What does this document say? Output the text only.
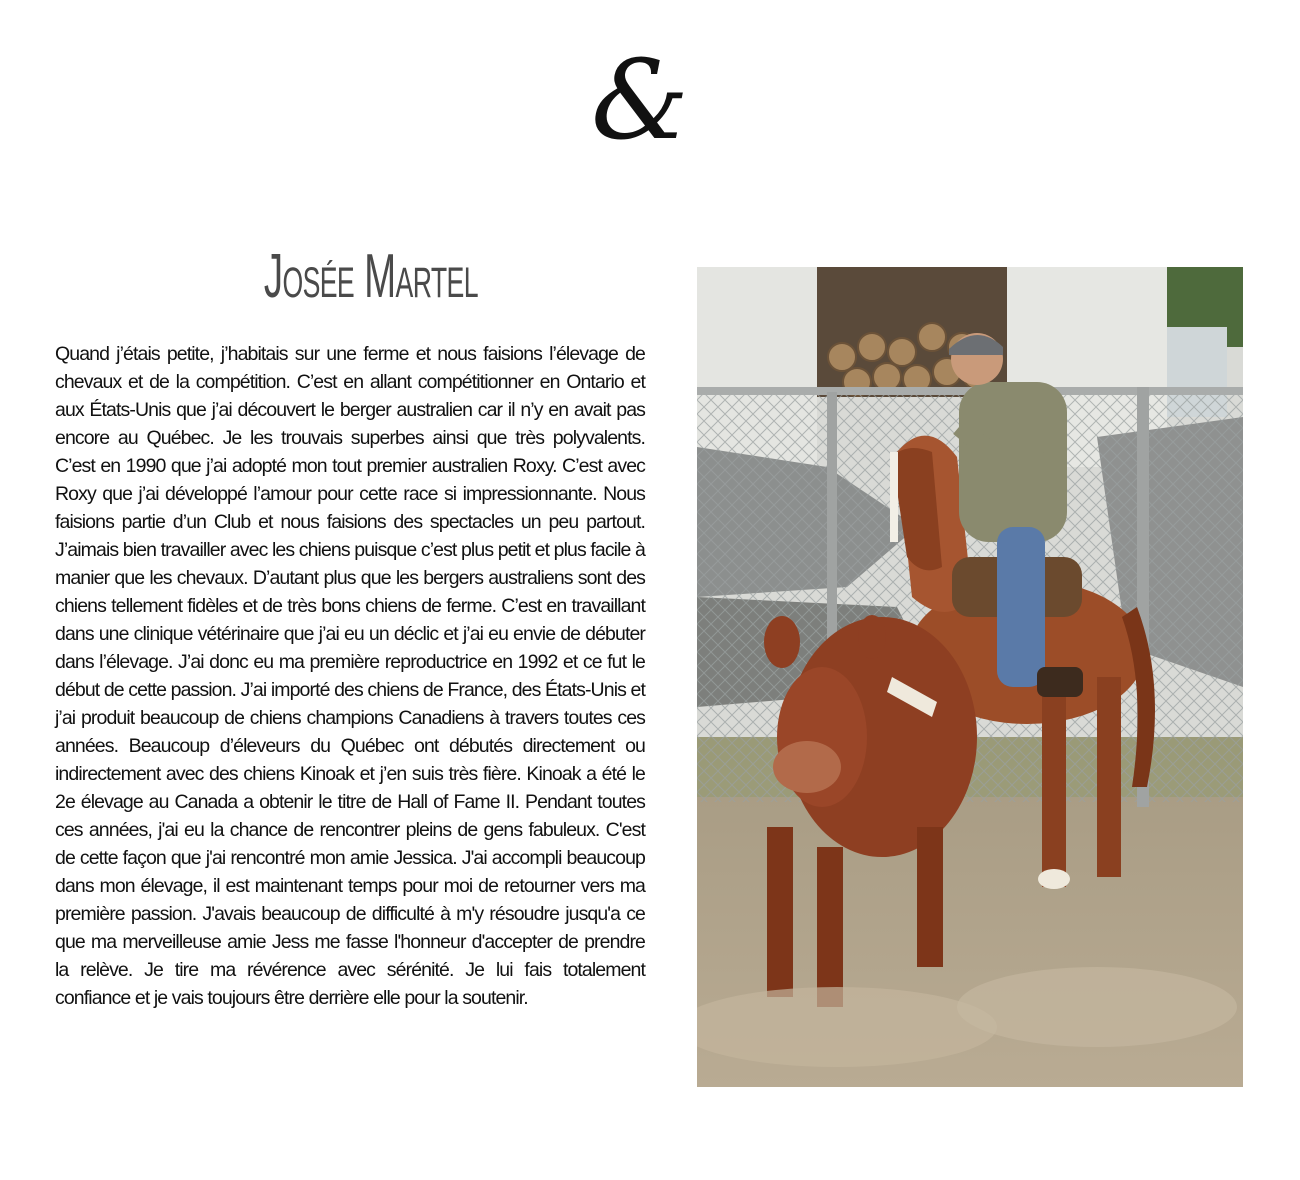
&
Josée Martel

Quand j’étais petite, j’habitais sur une ferme et nous faisions l’élevage de chevaux et de la compétition. C’est en allant compétitionner en Ontario et aux États-Unis que j’ai découvert le berger australien car il n’y en avait pas encore au Québec. Je les trouvais superbes ainsi que très polyvalents. C’est en 1990 que j’ai adopté mon tout premier australien Roxy. C’est avec Roxy que j’ai développé l’amour pour cette race si impressionnante. Nous faisions partie d’un Club et nous faisions des spectacles un peu partout. J’aimais bien travailler avec les chiens puisque c’est plus petit et plus facile à manier que les chevaux. D’autant plus que les bergers australiens sont des chiens tellement fidèles et de très bons chiens de ferme. C’est en travaillant dans une clinique vétérinaire que j’ai eu un déclic et j’ai eu envie de débuter dans l’élevage. J’ai donc eu ma première reproductrice en 1992 et ce fut le début de cette passion. J’ai importé des chiens de France, des États-Unis et j’ai produit beaucoup de chiens champions Canadiens à travers toutes ces années. Beaucoup d’éleveurs du Québec ont débutés directement ou indirectement avec des chiens Kinoak et j’en suis très fière. Kinoak a été le 2e élevage au Canada a obtenir le titre de Hall of Fame II. Pendant toutes ces années, j'ai eu la chance de rencontrer pleins de gens fabuleux. C'est de cette façon que j'ai rencontré mon amie Jessica. J'ai accompli beaucoup dans mon élevage, il est maintenant temps pour moi de retourner vers ma première passion. J'avais beaucoup de difficulté à m'y résoudre jusqu'a ce que ma merveilleuse amie Jess me fasse l'honneur d'accepter de prendre la relève. Je tire ma révérence avec sérénité. Je lui fais totalement confiance et je vais toujours être derrière elle pour la soutenir.
